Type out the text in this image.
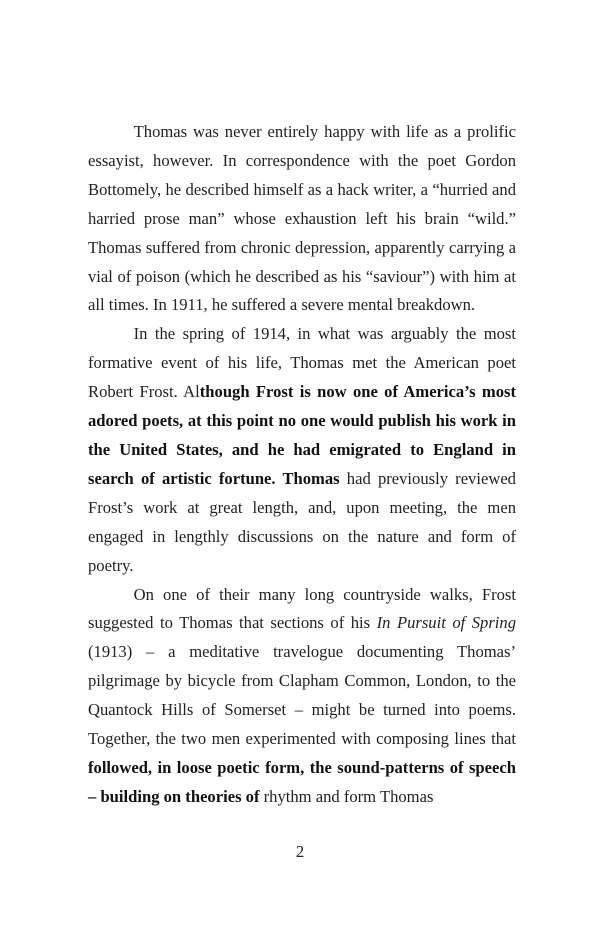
Thomas was never entirely happy with life as a prolific essayist, however. In correspondence with the poet Gordon Bottomely, he described himself as a hack writer, a “hurried and harried prose man” whose exhaustion left his brain “wild.” Thomas suffered from chronic depression, apparently carrying a vial of poison (which he described as his “saviour”) with him at all times. In 1911, he suffered a severe mental breakdown.

In the spring of 1914, in what was arguably the most formative event of his life, Thomas met the American poet Robert Frost. Although Frost is now one of America’s most adored poets, at this point no one would publish his work in the United States, and he had emigrated to England in search of artistic fortune. Thomas had previously reviewed Frost’s work at great length, and, upon meeting, the men engaged in lengthly discussions on the nature and form of poetry.

On one of their many long countryside walks, Frost suggested to Thomas that sections of his In Pursuit of Spring (1913) – a meditative travelogue documenting Thomas’ pilgrimage by bicycle from Clapham Common, London, to the Quantock Hills of Somerset – might be turned into poems. Together, the two men experimented with composing lines that followed, in loose poetic form, the sound-patterns of speech – building on theories of rhythm and form Thomas

2
